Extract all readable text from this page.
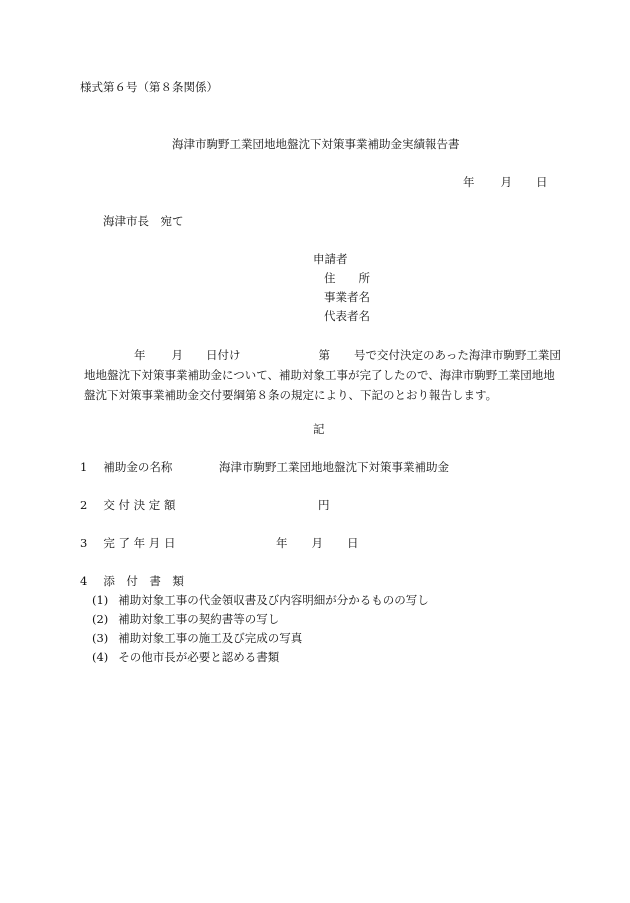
様式第６号（第８条関係）
海津市駒野工業団地地盤沈下対策事業補助金実績報告書
年 月 日
海津市長　宛て
申請者
住　　所
事業者名
代表者名
年 月 日付け	第 号で交付決定のあった海津市駒野工業団地地盤沈下対策事業補助金について、補助対象工事が完了したので、海津市駒野工業団地地盤沈下対策事業補助金交付要綱第８条の規定により、下記のとおり報告します。
記
1 補助金の名称	海津市駒野工業団地地盤沈下対策事業補助金
2 交 付 決 定 額	円
3 完 了 年 月 日	年 月 日
4 添　付　書　類
(1) 補助対象工事の代金領収書及び内容明細が分かるものの写し
(2) 補助対象工事の契約書等の写し
(3) 補助対象工事の施工及び完成の写真
(4) その他市長が必要と認める書類
